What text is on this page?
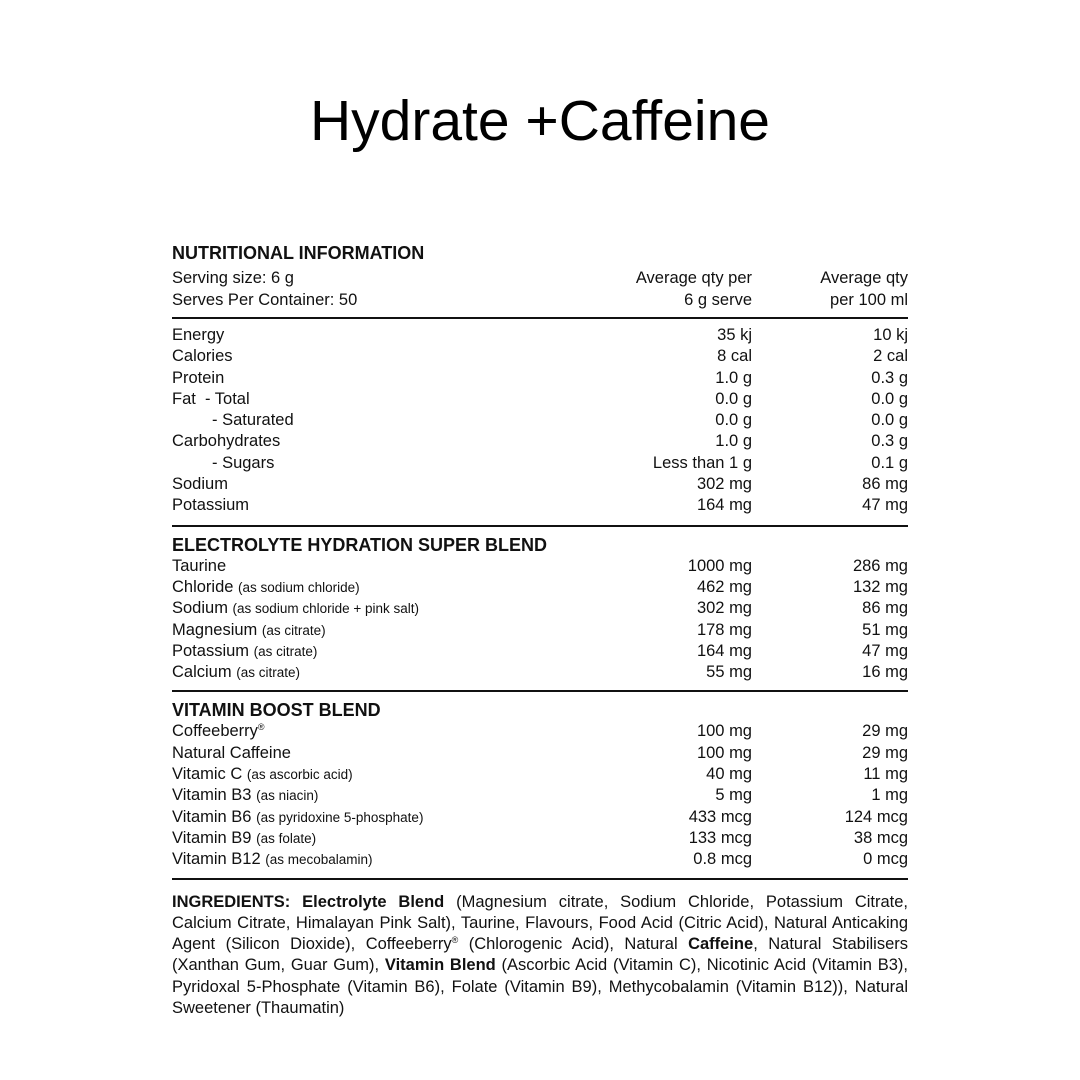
Hydrate +Caffeine
NUTRITIONAL INFORMATION
Serving size: 6 g	Average qty per	Average qty
Serves Per Container: 50	6 g serve	per 100 ml
Energy	35 kj	10 kj
Calories	8 cal	2 cal
Protein	1.0 g	0.3 g
Fat  - Total	0.0 g	0.0 g
- Saturated	0.0 g	0.0 g
Carbohydrates	1.0 g	0.3 g
- Sugars	Less than 1 g	0.1 g
Sodium	302 mg	86 mg
Potassium	164 mg	47 mg
ELECTROLYTE HYDRATION SUPER BLEND
Taurine	1000 mg	286 mg
Chloride (as sodium chloride)	462 mg	132 mg
Sodium (as sodium chloride + pink salt)	302 mg	86 mg
Magnesium (as citrate)	178 mg	51 mg
Potassium (as citrate)	164 mg	47 mg
Calcium (as citrate)	55 mg	16 mg
VITAMIN BOOST BLEND
Coffeeberry®	100 mg	29 mg
Natural Caffeine	100 mg	29 mg
Vitamic C (as ascorbic acid)	40 mg	11 mg
Vitamin B3 (as niacin)	5 mg	1 mg
Vitamin B6 (as pyridoxine 5-phosphate)	433 mcg	124 mcg
Vitamin B9 (as folate)	133 mcg	38 mcg
Vitamin B12 (as mecobalamin)	0.8 mcg	0 mcg
INGREDIENTS: Electrolyte Blend (Magnesium citrate, Sodium Chloride, Potassium Citrate, Calcium Citrate, Himalayan Pink Salt), Taurine, Flavours, Food Acid (Citric Acid), Natural Anticaking Agent (Silicon Dioxide), Coffeeberry® (Chlorogenic Acid), Natural Caffeine, Natural Stabilisers (Xanthan Gum, Guar Gum), Vitamin Blend (Ascorbic Acid (Vitamin C), Nicotinic Acid (Vitamin B3), Pyridoxal 5-Phosphate (Vitamin B6), Folate (Vitamin B9), Methycobalamin (Vitamin B12)), Natural Sweetener (Thaumatin)
